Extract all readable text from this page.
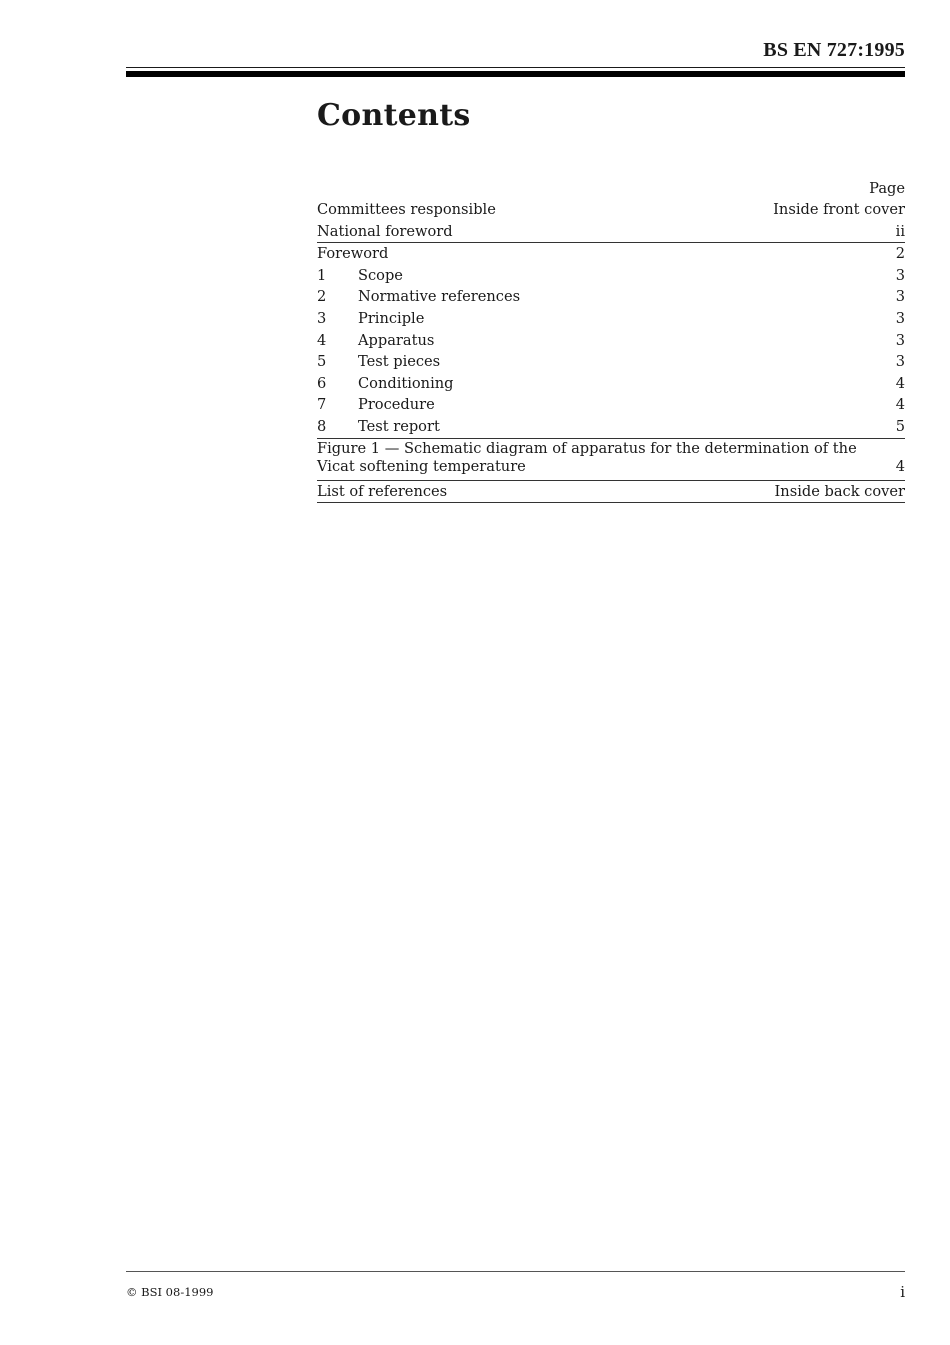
BS EN 727:1995
Contents
Page
Committees responsible	Inside front cover
National foreword	ii
Foreword	2
1 Scope	3
2 Normative references	3
3 Principle	3
4 Apparatus	3
5 Test pieces	3
6 Conditioning	4
7 Procedure	4
8 Test report	5
Figure 1 — Schematic diagram of apparatus for the determination of the
Vicat softening temperature	4
List of references	Inside back cover
© BSI 08-1999	i
